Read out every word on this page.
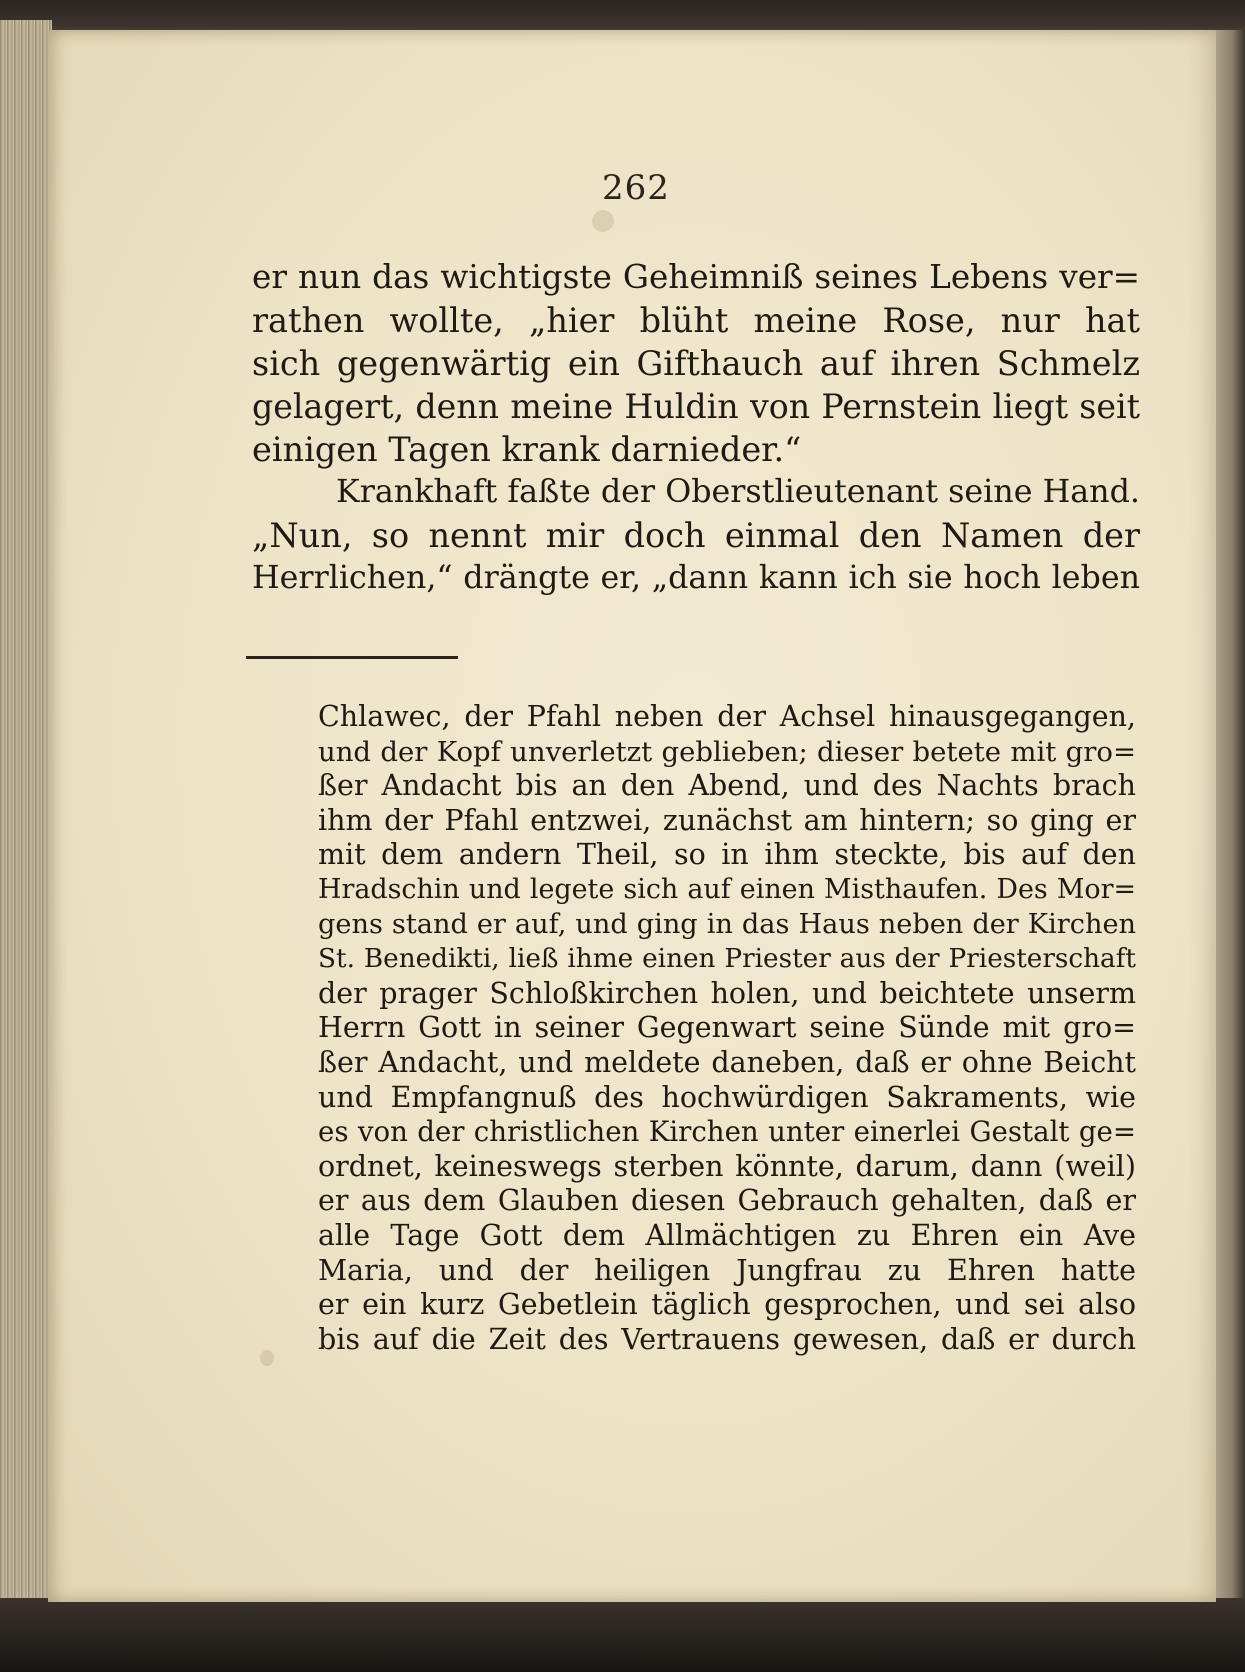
262
er nun das wichtigste Geheimniß seines Lebens ver=
rathen wollte, „hier blüht meine Rose, nur hat
sich gegenwärtig ein Gifthauch auf ihren Schmelz
gelagert, denn meine Huldin von Pernstein liegt seit
einigen Tagen krank darnieder.“
Krankhaft faßte der Oberstlieutenant seine Hand.
„Nun, so nennt mir doch einmal den Namen der
Herrlichen,“ drängte er, „dann kann ich sie hoch leben
Chlawec, der Pfahl neben der Achsel hinausgegangen,
und der Kopf unverletzt geblieben; dieser betete mit gro=
ßer Andacht bis an den Abend, und des Nachts brach
ihm der Pfahl entzwei, zunächst am hintern; so ging er
mit dem andern Theil, so in ihm steckte, bis auf den
Hradschin und legete sich auf einen Misthaufen. Des Mor=
gens stand er auf, und ging in das Haus neben der Kirchen
St. Benedikti, ließ ihme einen Priester aus der Priesterschaft
der prager Schloßkirchen holen, und beichtete unserm
Herrn Gott in seiner Gegenwart seine Sünde mit gro=
ßer Andacht, und meldete daneben, daß er ohne Beicht
und Empfangnuß des hochwürdigen Sakraments, wie
es von der christlichen Kirchen unter einerlei Gestalt ge=
ordnet, keineswegs sterben könnte, darum, dann (weil)
er aus dem Glauben diesen Gebrauch gehalten, daß er
alle Tage Gott dem Allmächtigen zu Ehren ein Ave
Maria, und der heiligen Jungfrau zu Ehren hatte
er ein kurz Gebetlein täglich gesprochen, und sei also
bis auf die Zeit des Vertrauens gewesen, daß er durch
